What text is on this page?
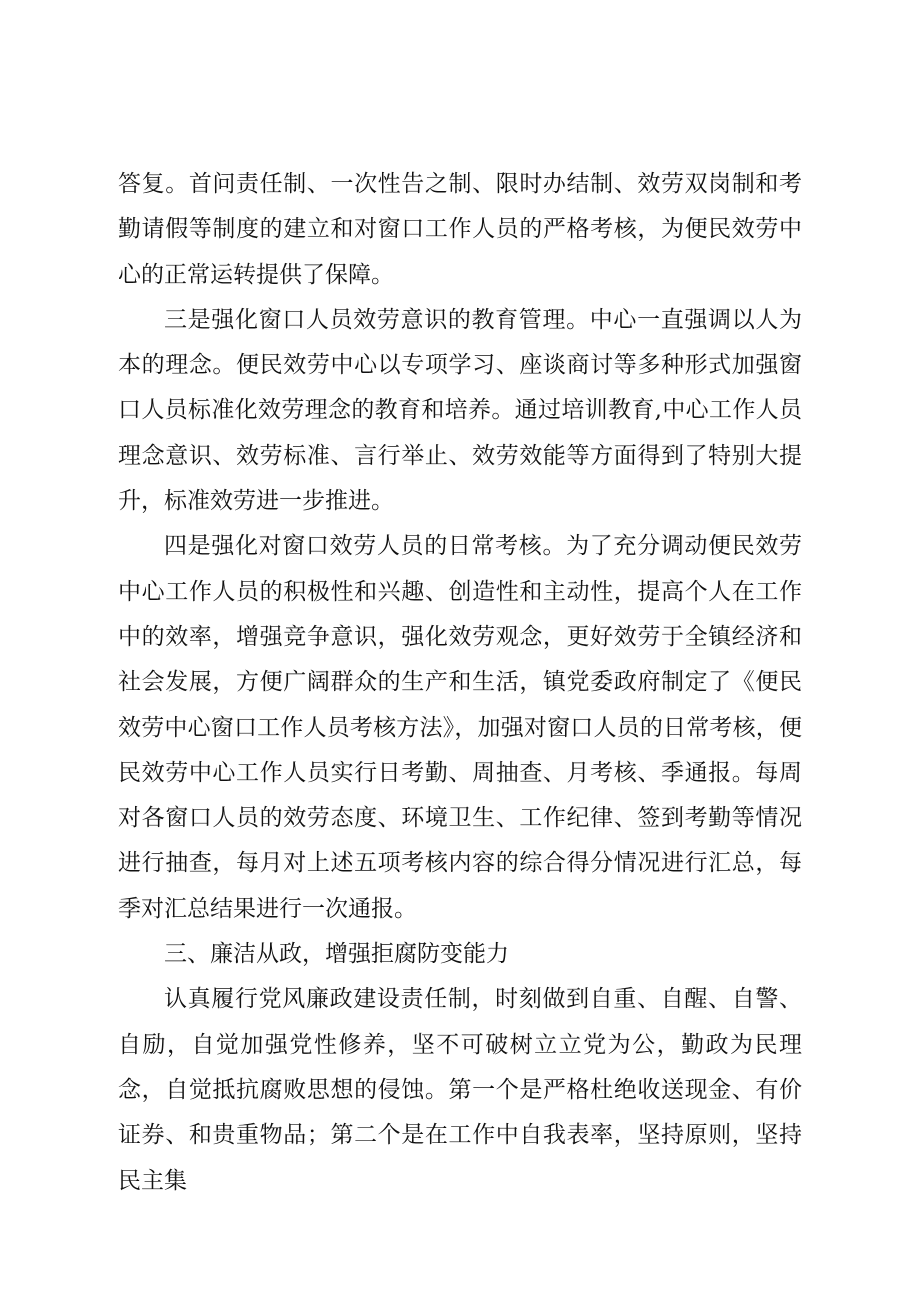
答复。首问责任制、一次性告之制、限时办结制、效劳双岗制和考勤请假等制度的建立和对窗口工作人员的严格考核，为便民效劳中心的正常运转提供了保障。

三是强化窗口人员效劳意识的教育管理。中心一直强调以人为本的理念。便民效劳中心以专项学习、座谈商讨等多种形式加强窗口人员标准化效劳理念的教育和培养。通过培训教育,中心工作人员理念意识、效劳标准、言行举止、效劳效能等方面得到了特别大提升，标准效劳进一步推进。

四是强化对窗口效劳人员的日常考核。为了充分调动便民效劳中心工作人员的积极性和兴趣、创造性和主动性，提高个人在工作中的效率，增强竞争意识，强化效劳观念，更好效劳于全镇经济和社会发展，方便广阔群众的生产和生活，镇党委政府制定了《便民效劳中心窗口工作人员考核方法》，加强对窗口人员的日常考核，便民效劳中心工作人员实行日考勤、周抽查、月考核、季通报。每周对各窗口人员的效劳态度、环境卫生、工作纪律、签到考勤等情况进行抽查，每月对上述五项考核内容的综合得分情况进行汇总，每季对汇总结果进行一次通报。

三、廉洁从政，增强拒腐防变能力

认真履行党风廉政建设责任制，时刻做到自重、自醒、自警、自励，自觉加强党性修养，坚不可破树立立党为公，勤政为民理念，自觉抵抗腐败思想的侵蚀。第一个是严格杜绝收送现金、有价证券、和贵重物品；第二个是在工作中自我表率，坚持原则，坚持民主集
